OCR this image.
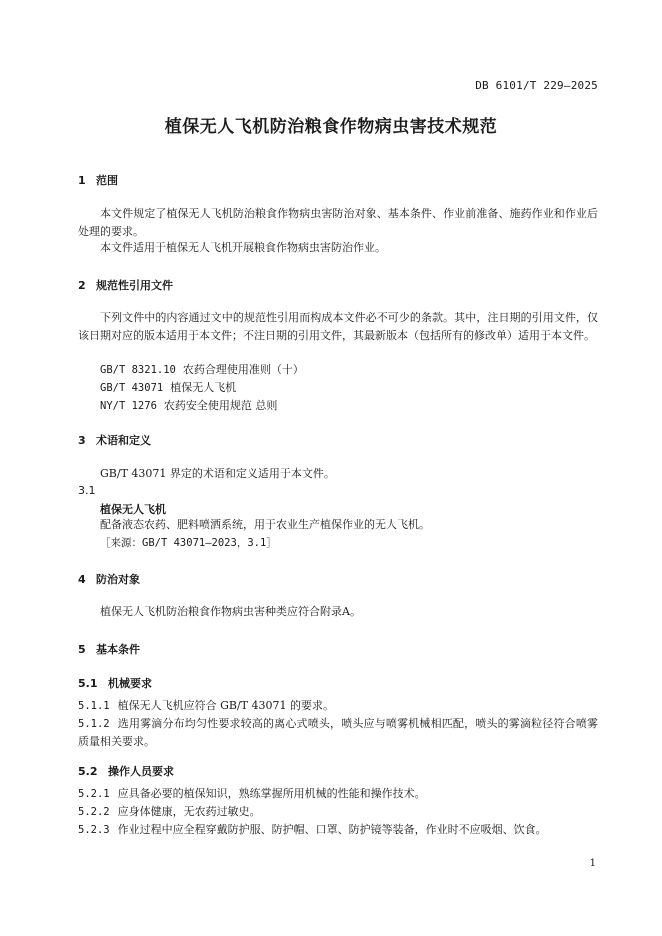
DB 6101/T 229—2025
植保无人飞机防治粮食作物病虫害技术规范
1 范围
本文件规定了植保无人飞机防治粮食作物病虫害防治对象、基本条件、作业前准备、施药作业和作业后处理的要求。
本文件适用于植保无人飞机开展粮食作物病虫害防治作业。
2 规范性引用文件
下列文件中的内容通过文中的规范性引用而构成本文件必不可少的条款。其中，注日期的引用文件，仅该日期对应的版本适用于本文件；不注日期的引用文件，其最新版本（包括所有的修改单）适用于本文件。
GB/T 8321.10 农药合理使用准则（十）
GB/T 43071 植保无人飞机
NY/T 1276 农药安全使用规范 总则
3 术语和定义
GB/T 43071 界定的术语和定义适用于本文件。
3.1
植保无人飞机
配备液态农药、肥料喷洒系统，用于农业生产植保作业的无人飞机。
［来源：GB/T 43071—2023，3.1］
4 防治对象
植保无人飞机防治粮食作物病虫害种类应符合附录A。
5 基本条件
5.1 机械要求
5.1.1 植保无人飞机应符合 GB/T 43071 的要求。
5.1.2 选用雾滴分布均匀性要求较高的离心式喷头，喷头应与喷雾机械相匹配，喷头的雾滴粒径符合喷雾质量相关要求。
5.2 操作人员要求
5.2.1 应具备必要的植保知识，熟练掌握所用机械的性能和操作技术。
5.2.2 应身体健康，无农药过敏史。
5.2.3 作业过程中应全程穿戴防护服、防护帽、口罩、防护镜等装备，作业时不应吸烟、饮食。
1
